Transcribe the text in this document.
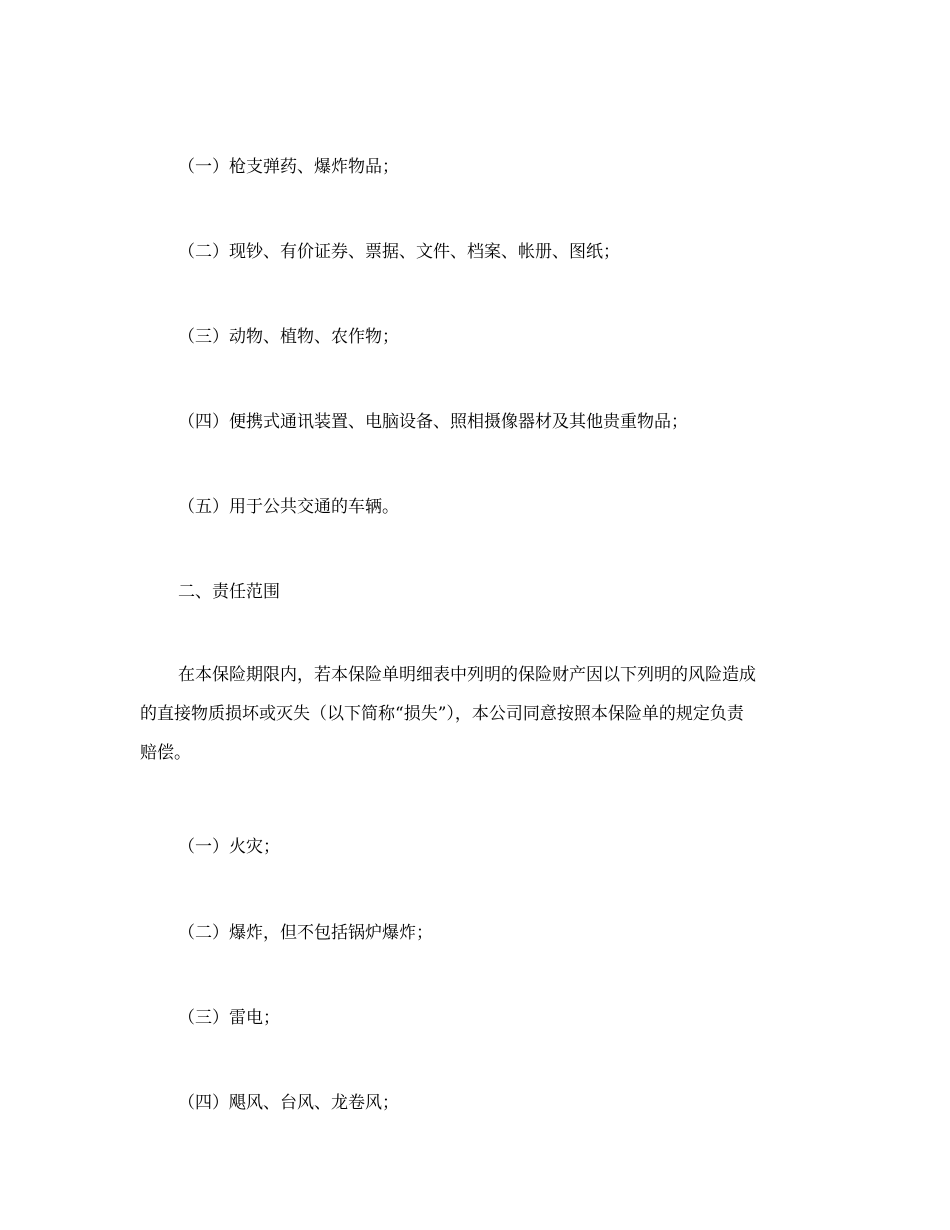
（一）枪支弹药、爆炸物品；
（二）现钞、有价证券、票据、文件、档案、帐册、图纸；
（三）动物、植物、农作物；
（四）便携式通讯装置、电脑设备、照相摄像器材及其他贵重物品；
（五）用于公共交通的车辆。
二、责任范围
在本保险期限内，若本保险单明细表中列明的保险财产因以下列明的风险造成
的直接物质损坏或灭失（以下简称“损失”），本公司同意按照本保险单的规定负责
赔偿。
（一）火灾；
（二）爆炸，但不包括锅炉爆炸；
（三）雷电；
（四）飓风、台风、龙卷风；
